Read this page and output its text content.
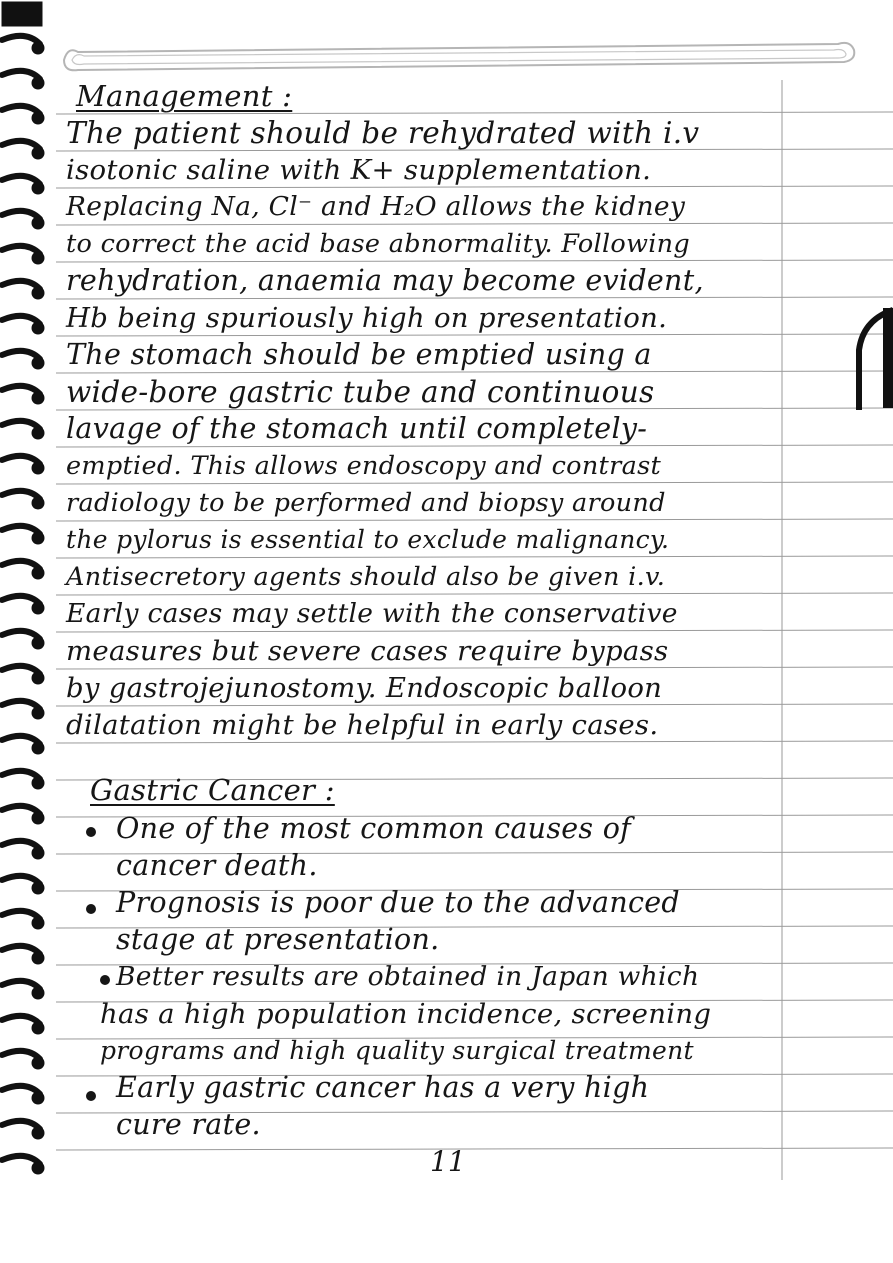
Management :
The patient should be rehydrated with i.v
isotonic saline with K+ supplementation.
Replacing Na, Cl⁻ and H₂O allows the kidney
to correct the acid base abnormality. Following
rehydration, anaemia may become evident,
Hb being spuriously high on presentation.
The stomach should be emptied using a
wide-bore gastric tube and continuous
lavage of the stomach until completely-
emptied. This allows endoscopy and contrast
radiology to be performed and biopsy around
the pylorus is essential to exclude malignancy.
Antisecretory agents should also be given i.v.
Early cases may settle with the conservative
measures but severe cases require bypass
by gastrojejunostomy. Endoscopic balloon
dilatation might be helpful in early cases.
Gastric Cancer :
One of the most common causes of
cancer death.
Prognosis is poor due to the advanced
stage at presentation.
Better results are obtained in Japan which
has a high population incidence, screening
programs and high quality surgical treatment
Early gastric cancer has a very high
cure rate.
11
